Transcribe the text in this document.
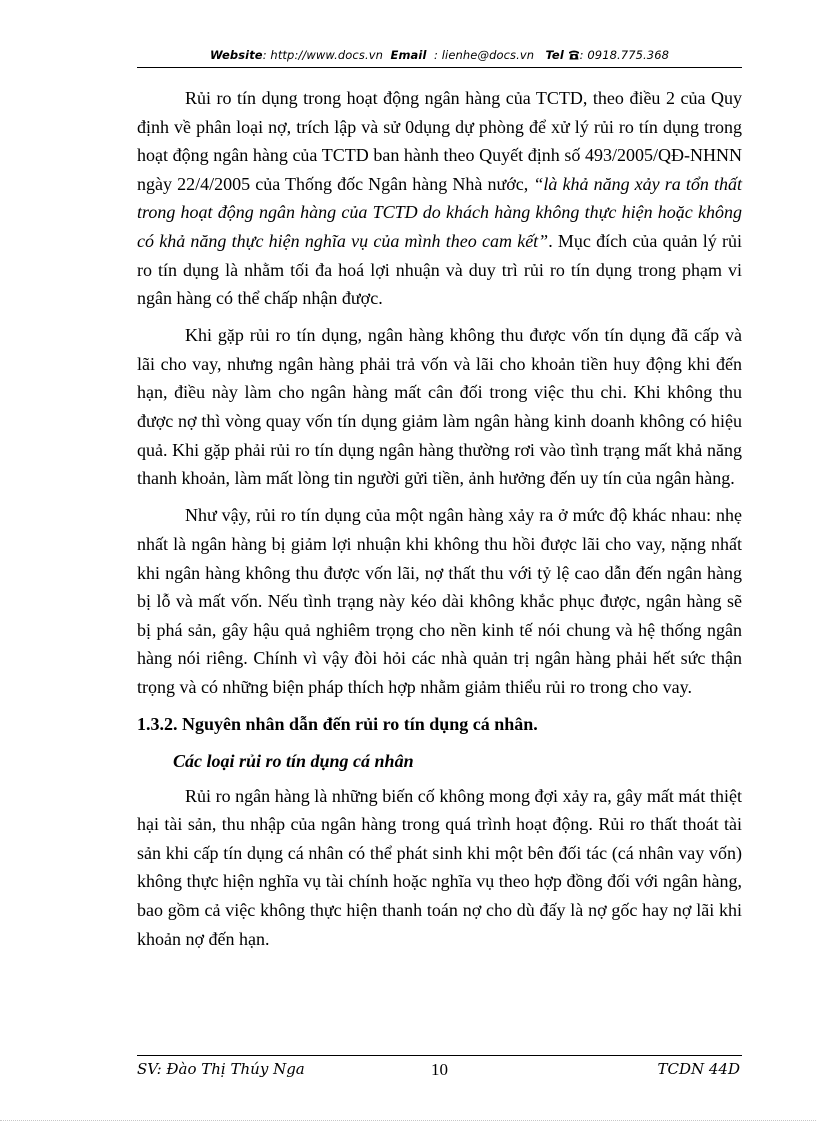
Website: http://www.docs.vn Email : lienhe@docs.vn Tel : 0918.775.368

Rủi ro tín dụng trong hoạt động ngân hàng của TCTD, theo điều 2 của Quy định về phân loại nợ, trích lập và sử 0dụng dự phòng để xử lý rủi ro tín dụng trong hoạt động ngân hàng của TCTD ban hành theo Quyết định số 493/2005/QĐ-NHNN ngày 22/4/2005 của Thống đốc Ngân hàng Nhà nước, “là khả năng xảy ra tổn thất trong hoạt động ngân hàng của TCTD do khách hàng không thực hiện hoặc không có khả năng thực hiện nghĩa vụ của mình theo cam kết”. Mục đích của quản lý rủi ro tín dụng là nhằm tối đa hoá lợi nhuận và duy trì rủi ro tín dụng trong phạm vi ngân hàng có thể chấp nhận được.

Khi gặp rủi ro tín dụng, ngân hàng không thu được vốn tín dụng đã cấp và lãi cho vay, nhưng ngân hàng phải trả vốn và lãi cho khoản tiền huy động khi đến hạn, điều này làm cho ngân hàng mất cân đối trong việc thu chi. Khi không thu được nợ thì vòng quay vốn tín dụng giảm làm ngân hàng kinh doanh không có hiệu quả. Khi gặp phải rủi ro tín dụng ngân hàng thường rơi vào tình trạng mất khả năng thanh khoản, làm mất lòng tin người gửi tiền, ảnh hưởng đến uy tín của ngân hàng.

Như vậy, rủi ro tín dụng của một ngân hàng xảy ra ở mức độ khác nhau: nhẹ nhất là ngân hàng bị giảm lợi nhuận khi không thu hồi được lãi cho vay, nặng nhất khi ngân hàng không thu được vốn lãi, nợ thất thu với tỷ lệ cao dẫn đến ngân hàng bị lỗ và mất vốn. Nếu tình trạng này kéo dài không khắc phục được, ngân hàng sẽ bị phá sản, gây hậu quả nghiêm trọng cho nền kinh tế nói chung và hệ thống ngân hàng nói riêng. Chính vì vậy đòi hỏi các nhà quản trị ngân hàng phải hết sức thận trọng và có những biện pháp thích hợp nhằm giảm thiểu rủi ro trong cho vay.

1.3.2. Nguyên nhân dẫn đến rủi ro tín dụng cá nhân.
Các loại rủi ro tín dụng cá nhân

Rủi ro ngân hàng là những biến cố không mong đợi xảy ra, gây mất mát thiệt hại tài sản, thu nhập của ngân hàng trong quá trình hoạt động. Rủi ro thất thoát tài sản khi cấp tín dụng cá nhân có thể phát sinh khi một bên đối tác (cá nhân vay vốn) không thực hiện nghĩa vụ tài chính hoặc nghĩa vụ theo hợp đồng đối với ngân hàng, bao gồm cả việc không thực hiện thanh toán nợ cho dù đấy là nợ gốc hay nợ lãi khi khoản nợ đến hạn.

SV: Đào Thị Thúy Nga	10	TCDN 44D
